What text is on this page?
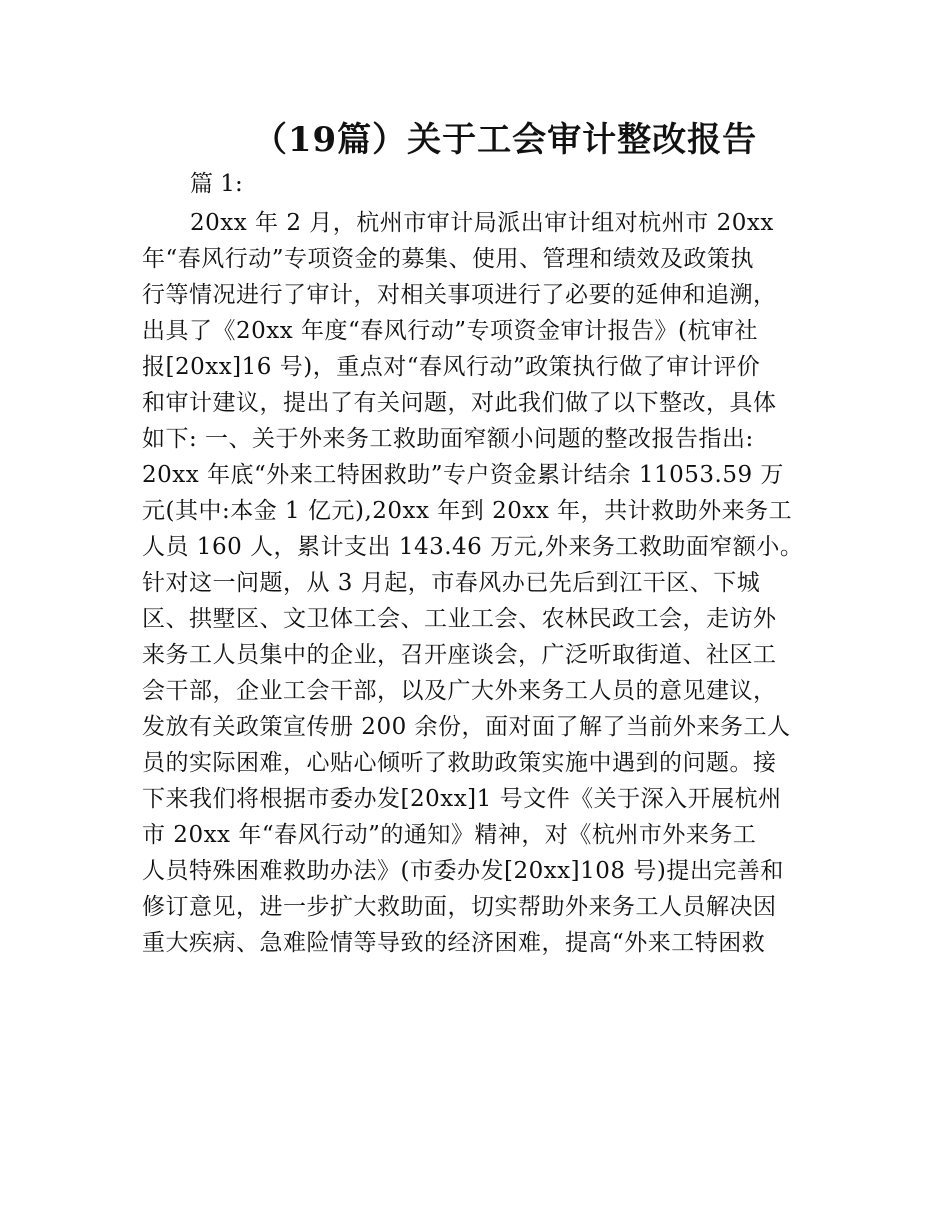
（19篇）关于工会审计整改报告

篇 1:

20xx 年 2 月，杭州市审计局派出审计组对杭州市 20xx
年“春风行动”专项资金的募集、使用、管理和绩效及政策执
行等情况进行了审计，对相关事项进行了必要的延伸和追溯，
出具了《20xx 年度“春风行动”专项资金审计报告》(杭审社
报[20xx]16 号)，重点对“春风行动”政策执行做了审计评价
和审计建议，提出了有关问题，对此我们做了以下整改，具体
如下: 一、关于外来务工救助面窄额小问题的整改报告指出:
20xx 年底“外来工特困救助”专户资金累计结余 11053.59 万
元(其中:本金 1 亿元),20xx 年到 20xx 年，共计救助外来务工
人员 160 人，累计支出 143.46 万元,外来务工救助面窄额小。
针对这一问题，从 3 月起，市春风办已先后到江干区、下城
区、拱墅区、文卫体工会、工业工会、农林民政工会，走访外
来务工人员集中的企业，召开座谈会，广泛听取街道、社区工
会干部，企业工会干部，以及广大外来务工人员的意见建议，
发放有关政策宣传册 200 余份，面对面了解了当前外来务工人
员的实际困难，心贴心倾听了救助政策实施中遇到的问题。接
下来我们将根据市委办发[20xx]1 号文件《关于深入开展杭州
市 20xx 年“春风行动”的通知》精神，对《杭州市外来务工
人员特殊困难救助办法》(市委办发[20xx]108 号)提出完善和
修订意见，进一步扩大救助面，切实帮助外来务工人员解决因
重大疾病、急难险情等导致的经济困难，提高“外来工特困救
